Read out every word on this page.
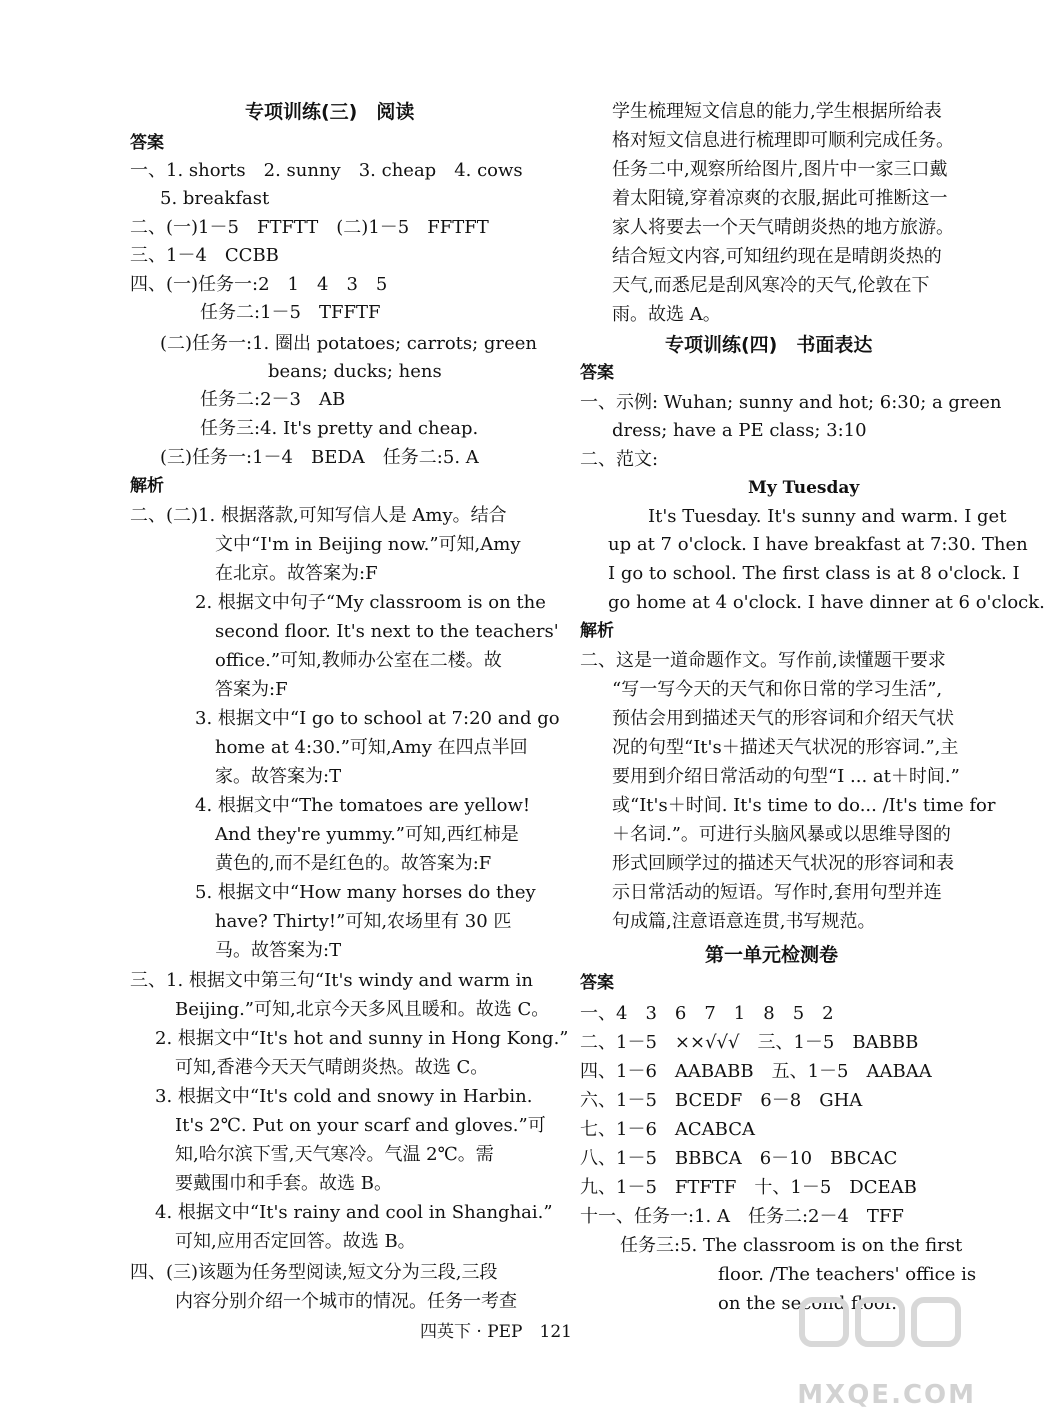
专项训练(三)　阅读
答案
一、1. shorts　2. sunny　3. cheap　4. cows
5. breakfast
二、(一)1－5　FTFTT　(二)1－5　FFTFT
三、1－4　CCBB
四、(一)任务一:2　1　4　3　5
任务二:1－5　TFFTF
(二)任务一:1. 圈出 potatoes; carrots; green
beans; ducks; hens
任务二:2－3　AB
任务三:4. It's pretty and cheap.
(三)任务一:1－4　BEDA　任务二:5. A
解析
二、(二)1. 根据落款,可知写信人是 Amy。结合
文中“I'm in Beijing now.”可知,Amy
在北京。故答案为:F
2. 根据文中句子“My classroom is on the
second floor. It's next to the teachers'
office.”可知,教师办公室在二楼。故
答案为:F
3. 根据文中“I go to school at 7:20 and go
home at 4:30.”可知,Amy 在四点半回
家。故答案为:T
4. 根据文中“The tomatoes are yellow!
And they're yummy.”可知,西红柿是
黄色的,而不是红色的。故答案为:F
5. 根据文中“How many horses do they
have? Thirty!”可知,农场里有 30 匹
马。故答案为:T
三、1. 根据文中第三句“It's windy and warm in
Beijing.”可知,北京今天多风且暖和。故选 C。
2. 根据文中“It's hot and sunny in Hong Kong.”
可知,香港今天天气晴朗炎热。故选 C。
3. 根据文中“It's cold and snowy in Harbin.
It's 2℃. Put on your scarf and gloves.”可
知,哈尔滨下雪,天气寒冷。气温 2℃。需
要戴围巾和手套。故选 B。
4. 根据文中“It's rainy and cool in Shanghai.”
可知,应用否定回答。故选 B。
四、(三)该题为任务型阅读,短文分为三段,三段
内容分别介绍一个城市的情况。任务一考查
学生梳理短文信息的能力,学生根据所给表
格对短文信息进行梳理即可顺利完成任务。
任务二中,观察所给图片,图片中一家三口戴
着太阳镜,穿着凉爽的衣服,据此可推断这一
家人将要去一个天气晴朗炎热的地方旅游。
结合短文内容,可知纽约现在是晴朗炎热的
天气,而悉尼是刮风寒冷的天气,伦敦在下
雨。故选 A。
专项训练(四)　书面表达
答案
一、示例: Wuhan; sunny and hot; 6:30; a green
dress; have a PE class; 3:10
二、范文:
My Tuesday
It's Tuesday. It's sunny and warm. I get
up at 7 o'clock. I have breakfast at 7:30. Then
I go to school. The first class is at 8 o'clock. I
go home at 4 o'clock. I have dinner at 6 o'clock.
解析
二、这是一道命题作文。写作前,读懂题干要求
“写一写今天的天气和你日常的学习生活”,
预估会用到描述天气的形容词和介绍天气状
况的句型“It's＋描述天气状况的形容词.”,主
要用到介绍日常活动的句型“I ... at＋时间.”
或“It's＋时间. It's time to do... /It's time for
＋名词.”。可进行头脑风暴或以思维导图的
形式回顾学过的描述天气状况的形容词和表
示日常活动的短语。写作时,套用句型并连
句成篇,注意语意连贯,书写规范。
第一单元检测卷
答案
一、4　3　6　7　1　8　5　2
二、1－5　××√√√　三、1－5　BABBB
四、1－6　AABABB　五、1－5　AABAA
六、1－5　BCEDF　6－8　GHA
七、1－6　ACABCA
八、1－5　BBBCA　6－10　BBCAC
九、1－5　FTFTF　十、1－5　DCEAB
十一、任务一:1. A　任务二:2－4　TFF
任务三:5. The classroom is on the first
floor. /The teachers' office is
on the second floor.
四英下 · PEP　121
MXQE.COM
